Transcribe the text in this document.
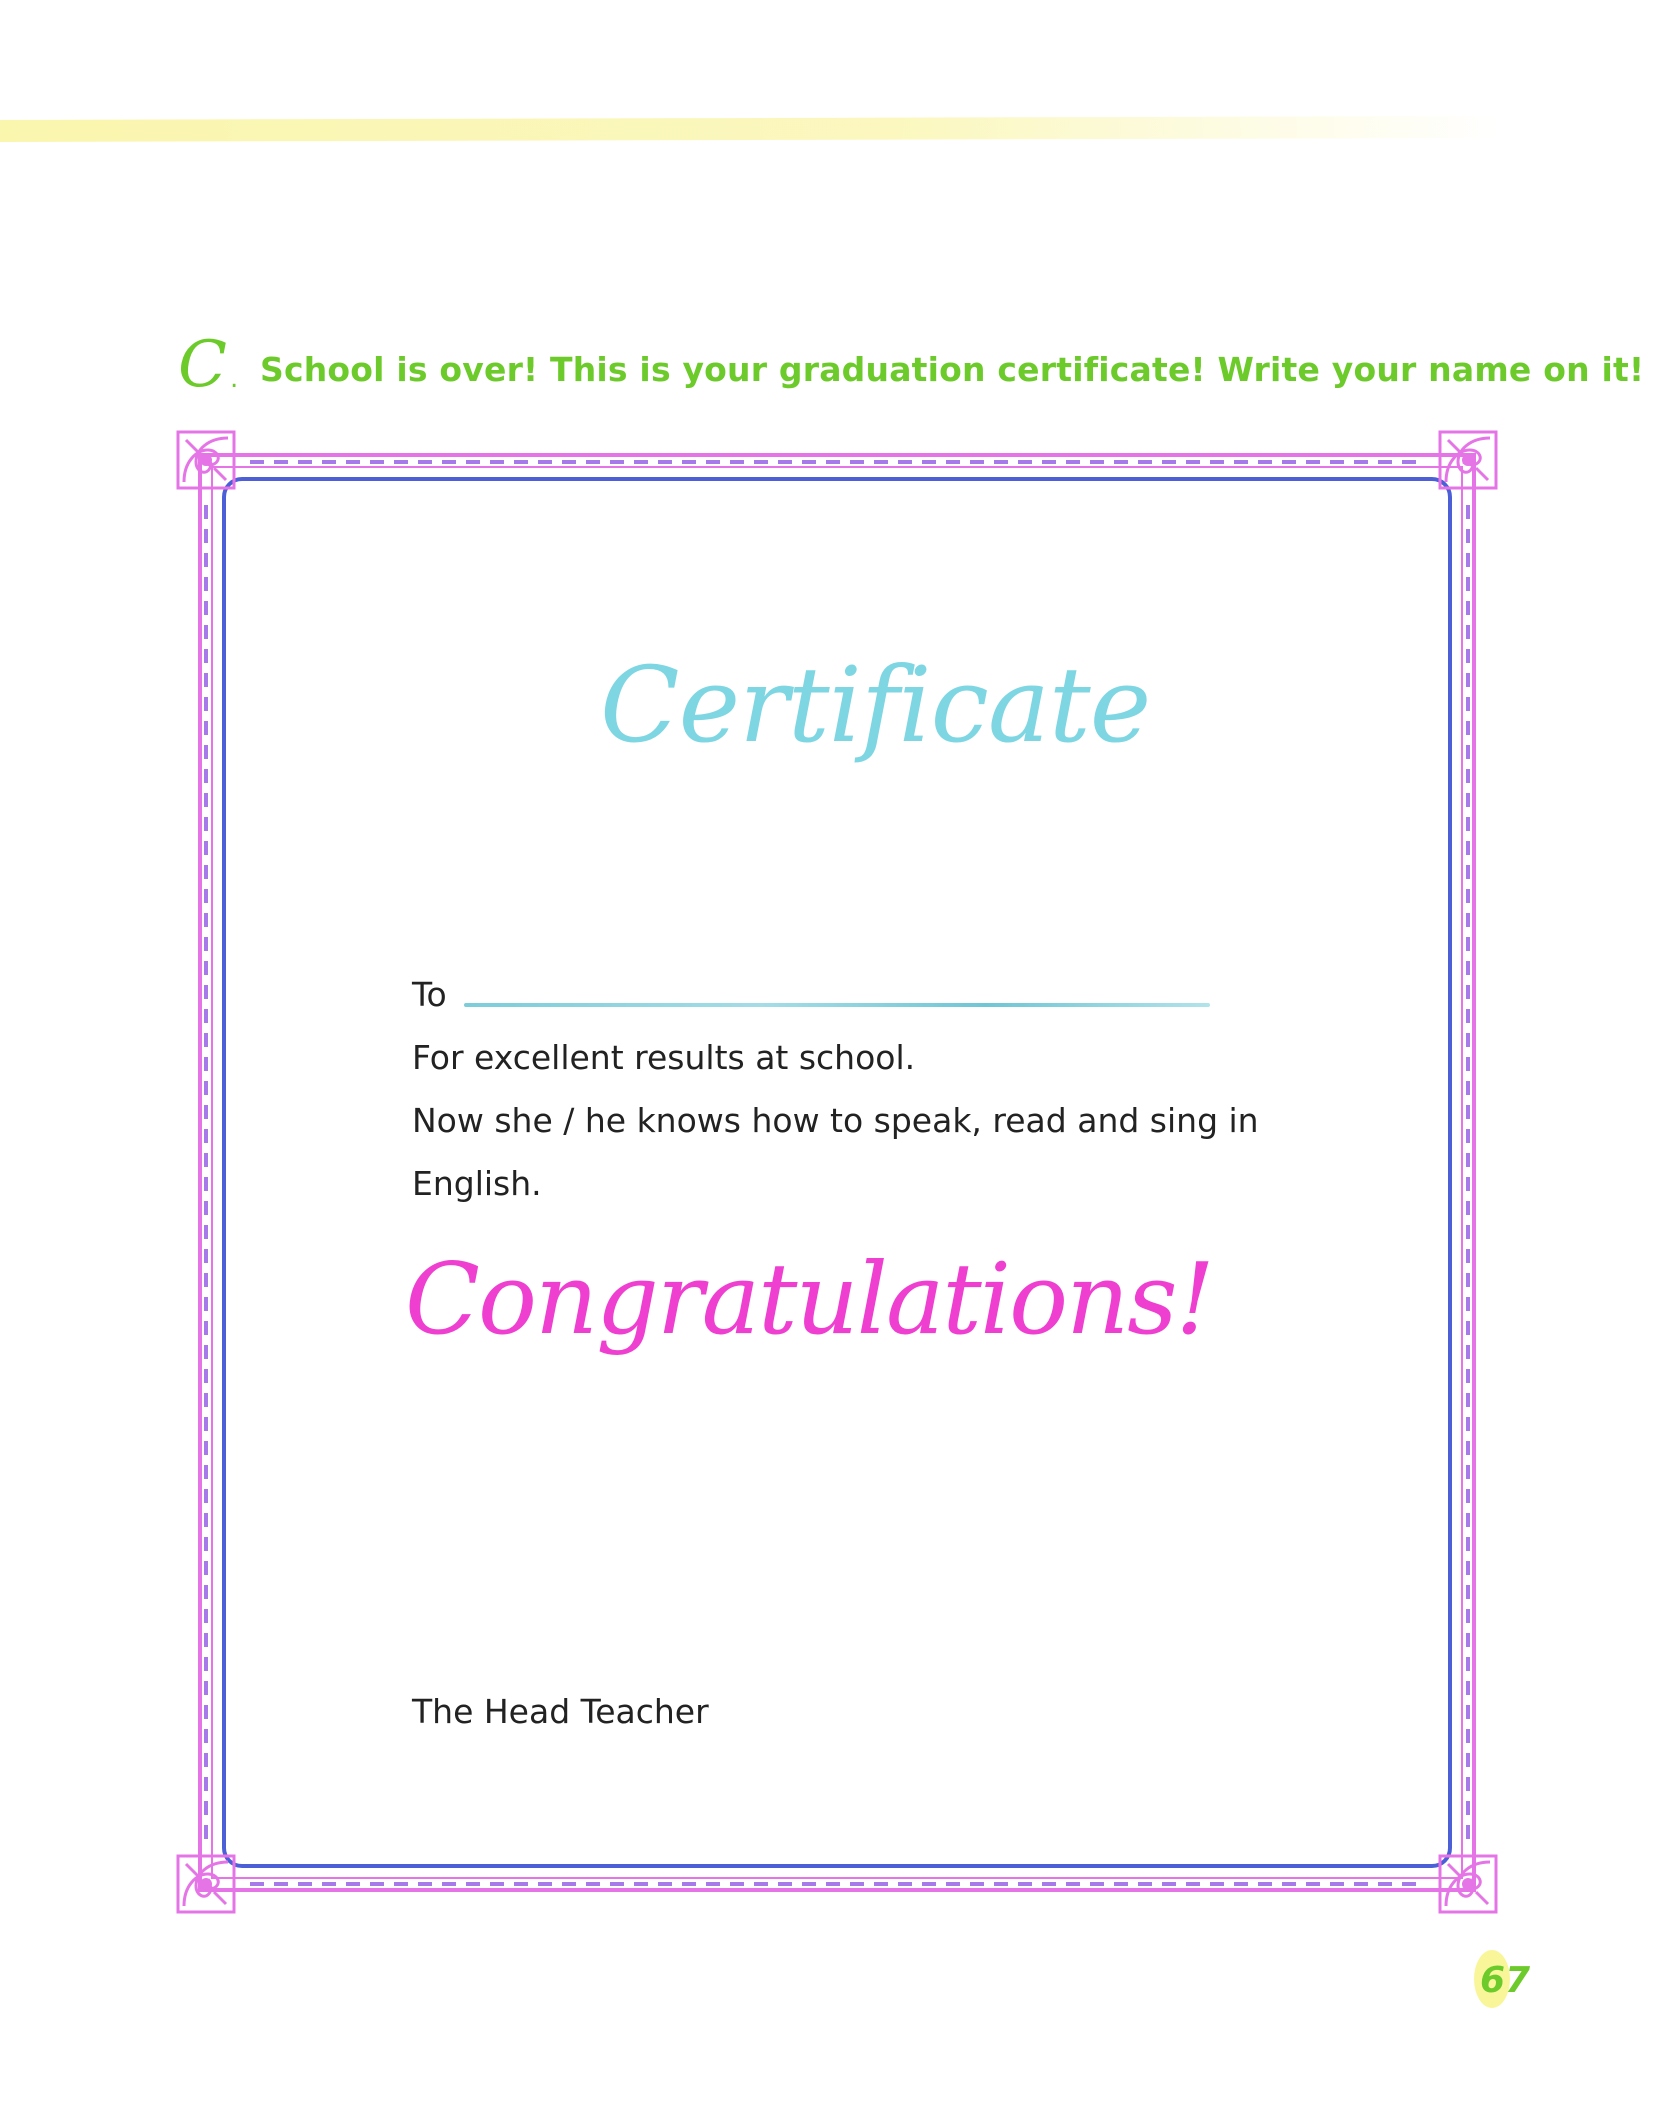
C . School is over! This is your graduation certificate! Write your name on it!
Certificate
To
For excellent results at school.
Now she / he knows how to speak, read and sing in
English.
Congratulations!
The Head Teacher
67
